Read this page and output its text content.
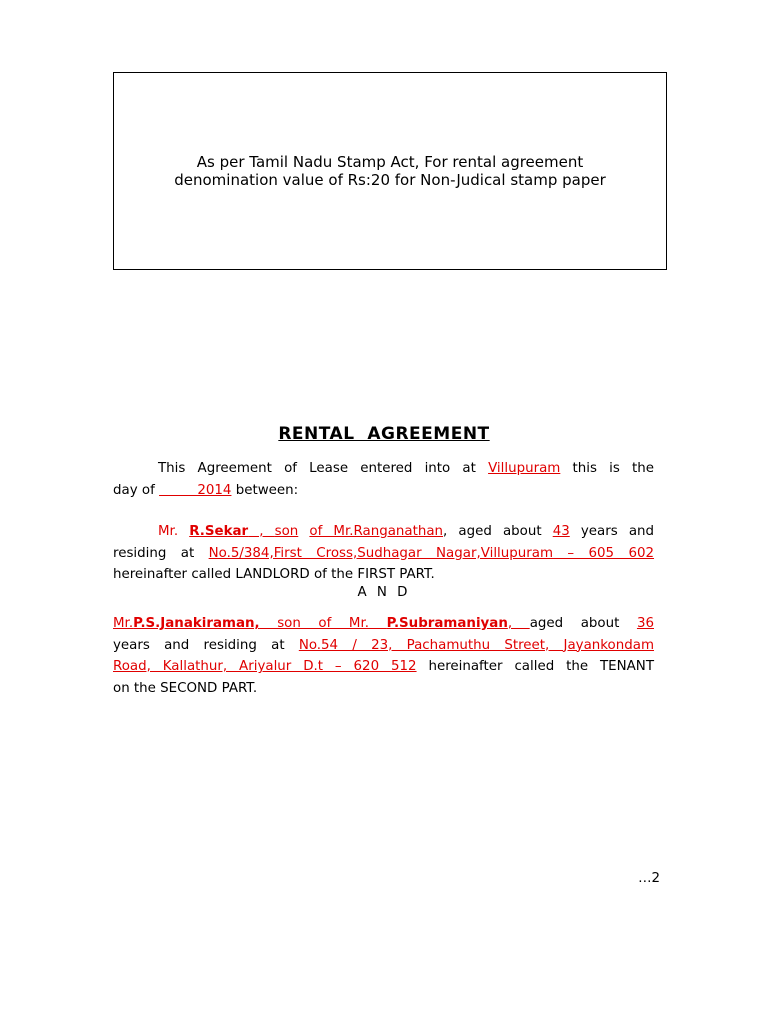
As per Tamil Nadu Stamp Act, For rental agreement
denomination value of Rs:20 for Non-Judical stamp paper
RENTAL  AGREEMENT
This Agreement of Lease entered into at Villupuram this is the
day of          2014 between:
Mr. R.Sekar , son of Mr.Ranganathan, aged about 43 years and
residing at No.5/384,First Cross,Sudhagar Nagar,Villupuram – 605 602
hereinafter called LANDLORD of the FIRST PART.
A N D
Mr.P.S.Janakiraman, son of Mr. P.Subramaniyan, aged about 36
years and residing at No.54 / 23, Pachamuthu Street, Jayankondam
Road, Kallathur, Ariyalur D.t – 620 512 hereinafter called the TENANT
on the SECOND PART.
…2
